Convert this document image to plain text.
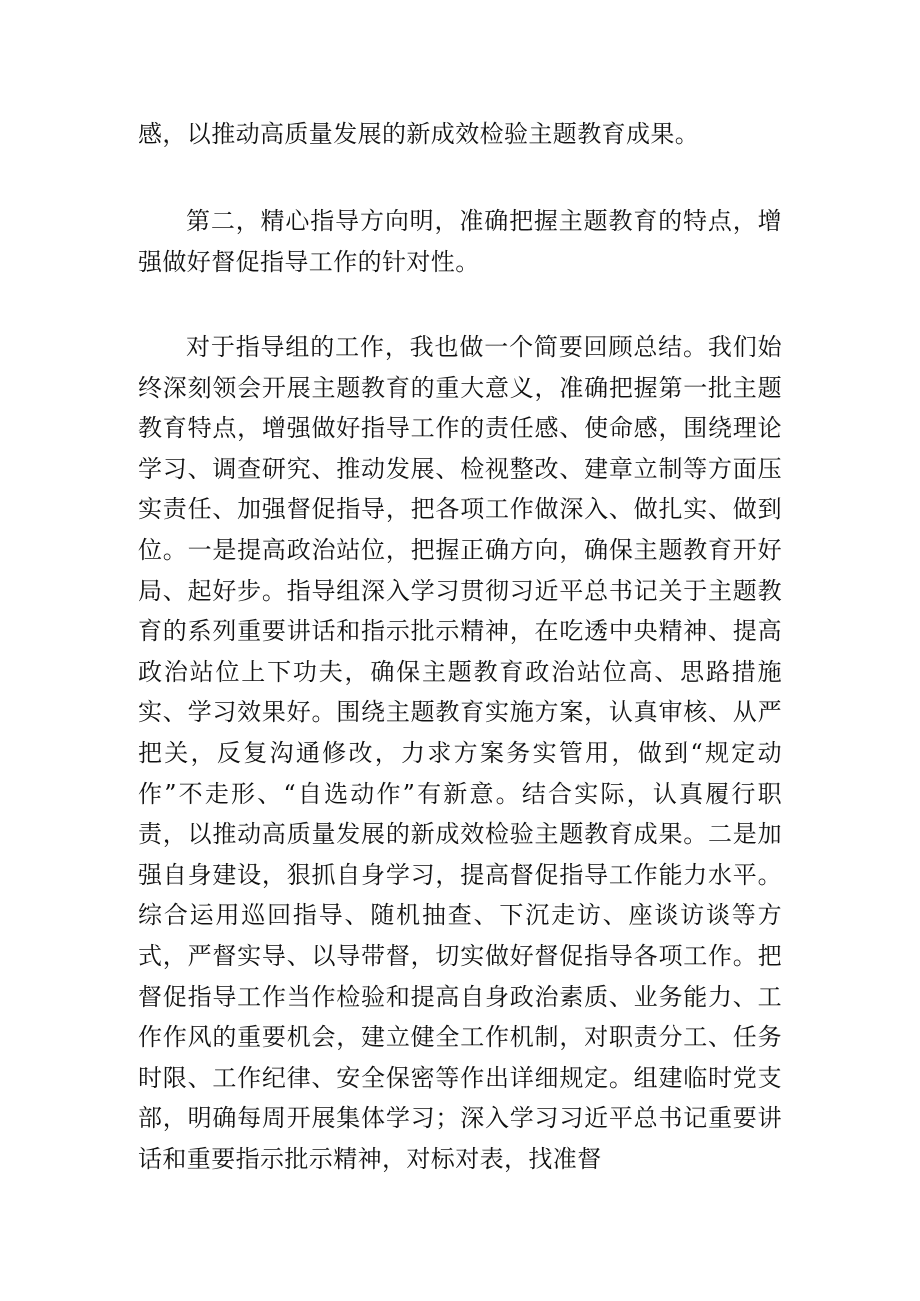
感，以推动高质量发展的新成效检验主题教育成果。

第二，精心指导方向明，准确把握主题教育的特点，增强做好督促指导工作的针对性。

对于指导组的工作，我也做一个简要回顾总结。我们始终深刻领会开展主题教育的重大意义，准确把握第一批主题教育特点，增强做好指导工作的责任感、使命感，围绕理论学习、调查研究、推动发展、检视整改、建章立制等方面压实责任、加强督促指导，把各项工作做深入、做扎实、做到位。一是提高政治站位，把握正确方向，确保主题教育开好局、起好步。指导组深入学习贯彻习近平总书记关于主题教育的系列重要讲话和指示批示精神，在吃透中央精神、提高政治站位上下功夫，确保主题教育政治站位高、思路措施实、学习效果好。围绕主题教育实施方案，认真审核、从严把关，反复沟通修改，力求方案务实管用，做到“规定动作”不走形、“自选动作”有新意。结合实际，认真履行职责，以推动高质量发展的新成效检验主题教育成果。二是加强自身建设，狠抓自身学习，提高督促指导工作能力水平。综合运用巡回指导、随机抽查、下沉走访、座谈访谈等方式，严督实导、以导带督，切实做好督促指导各项工作。把督促指导工作当作检验和提高自身政治素质、业务能力、工作作风的重要机会，建立健全工作机制，对职责分工、任务时限、工作纪律、安全保密等作出详细规定。组建临时党支部，明确每周开展集体学习；深入学习习近平总书记重要讲话和重要指示批示精神，对标对表，找准督
